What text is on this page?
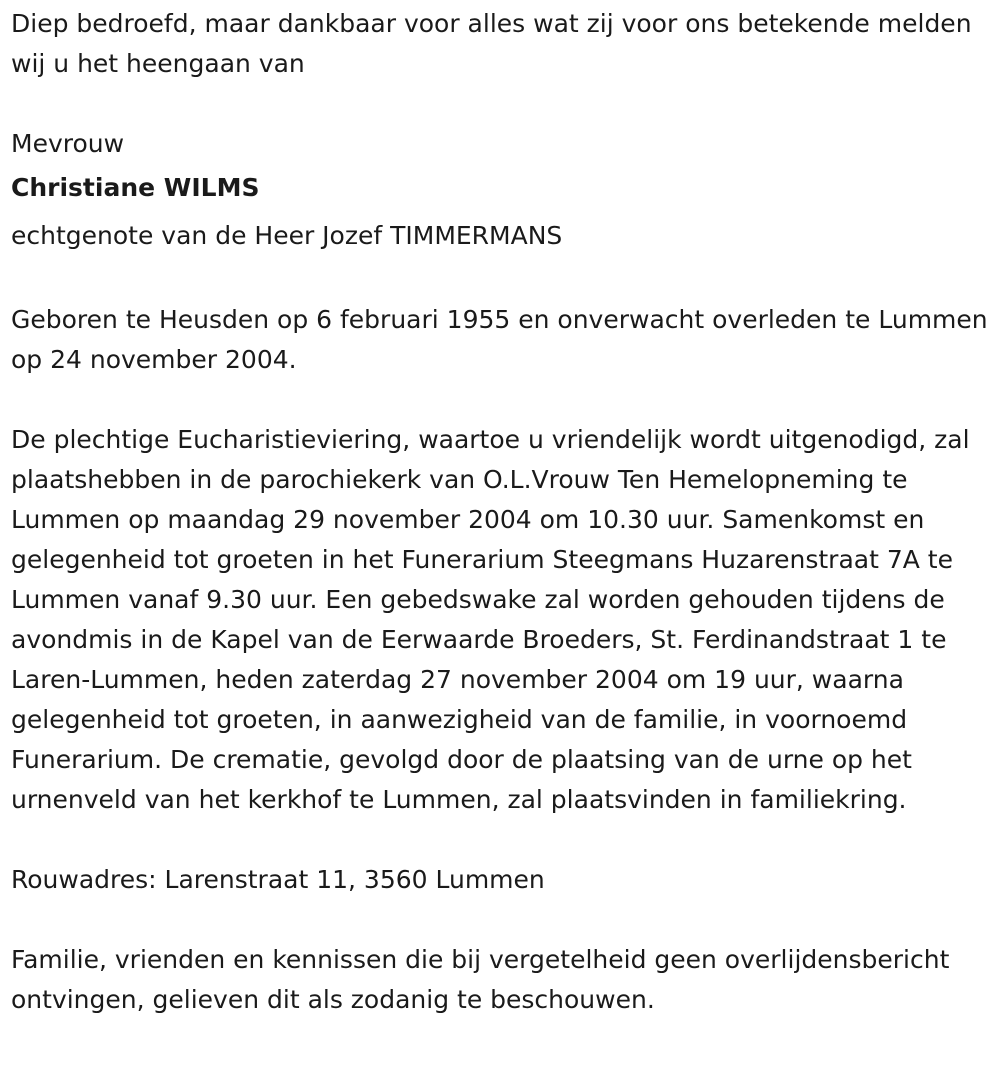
Diep bedroefd, maar dankbaar voor alles wat zij voor ons betekende melden wij u het heengaan van

Mevrouw

Christiane WILMS

echtgenote van de Heer Jozef TIMMERMANS

Geboren te Heusden op 6 februari 1955 en onverwacht overleden te Lummen op 24 november 2004.

De plechtige Eucharistieviering, waartoe u vriendelijk wordt uitgenodigd, zal plaatshebben in de parochiekerk van O.L.Vrouw Ten Hemelopneming te Lummen op maandag 29 november 2004 om 10.30 uur. Samenkomst en gelegenheid tot groeten in het Funerarium Steegmans Huzarenstraat 7A te Lummen vanaf 9.30 uur. Een gebedswake zal worden gehouden tijdens de avondmis in de Kapel van de Eerwaarde Broeders, St. Ferdinandstraat 1 te Laren-Lummen, heden zaterdag 27 november 2004 om 19 uur, waarna gelegenheid tot groeten, in aanwezigheid van de familie, in voornoemd Funerarium. De crematie, gevolgd door de plaatsing van de urne op het urnenveld van het kerkhof te Lummen, zal plaatsvinden in familiekring.

Rouwadres: Larenstraat 11, 3560 Lummen

Familie, vrienden en kennissen die bij vergetelheid geen overlijdensbericht ontvingen, gelieven dit als zodanig te beschouwen.
